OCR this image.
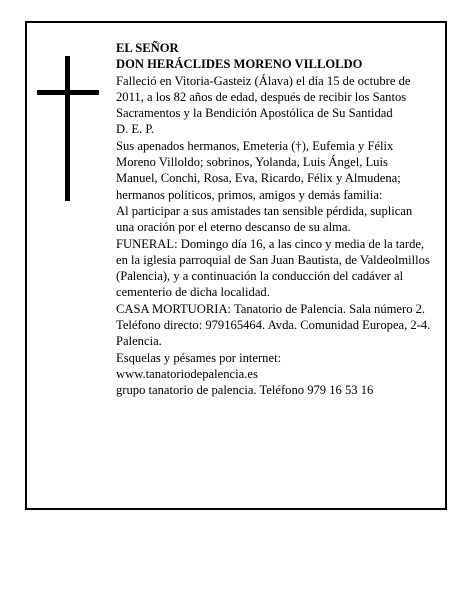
EL SEÑOR

DON HERÁCLIDES MORENO VILLOLDO

Falleció en Vitoria-Gasteiz (Álava) el día 15 de octubre de 2011, a los 82 años de edad, después de recibir los Santos Sacramentos y la Bendición Apostólica de Su Santidad

D. E. P.

Sus apenados hermanos, Emeteria (†), Eufemia y Félix Moreno Villoldo; sobrinos, Yolanda, Luis Ángel, Luis Manuel, Conchi, Rosa, Eva, Ricardo, Félix y Almudena; hermanos políticos, primos, amigos y demás familia:

Al participar a sus amistades tan sensible pérdida, suplican una oración por el eterno descanso de su alma.

FUNERAL: Domingo día 16, a las cinco y media de la tarde, en la iglesia parroquial de San Juan Bautista, de Valdeolmillos (Palencia), y a continuación la conducción del cadáver al cementerio de dicha localidad.

CASA MORTUORIA: Tanatorio de Palencia. Sala número 2. Teléfono directo: 979165464. Avda. Comunidad Europea, 2-4. Palencia.

Esquelas y pésames por internet:

www.tanatoriodepalencia.es

grupo tanatorio de palencia. Teléfono 979 16 53 16
